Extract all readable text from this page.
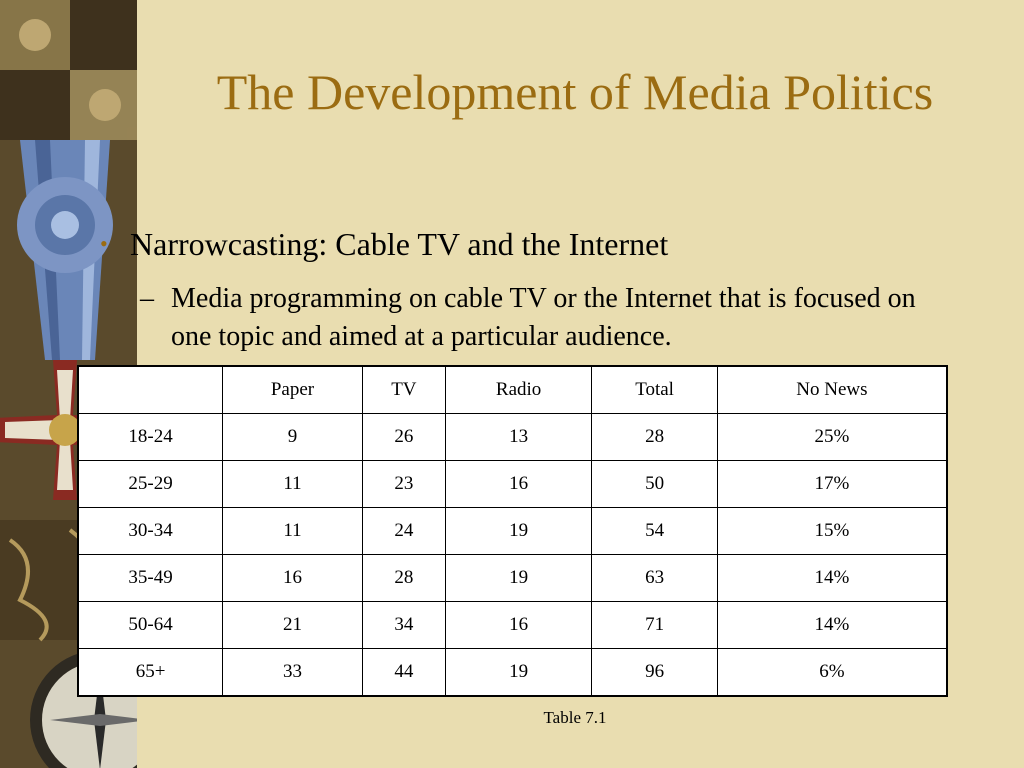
The Development of Media Politics
• Narrowcasting: Cable TV and the Internet
– Media programming on cable TV or the Internet that is focused on one topic and aimed at a particular audience.
	Paper	TV	Radio	Total	No News
18-24	9	26	13	28	25%
25-29	11	23	16	50	17%
30-34	11	24	19	54	15%
35-49	16	28	19	63	14%
50-64	21	34	16	71	14%
65+	33	44	19	96	6%
Table 7.1
